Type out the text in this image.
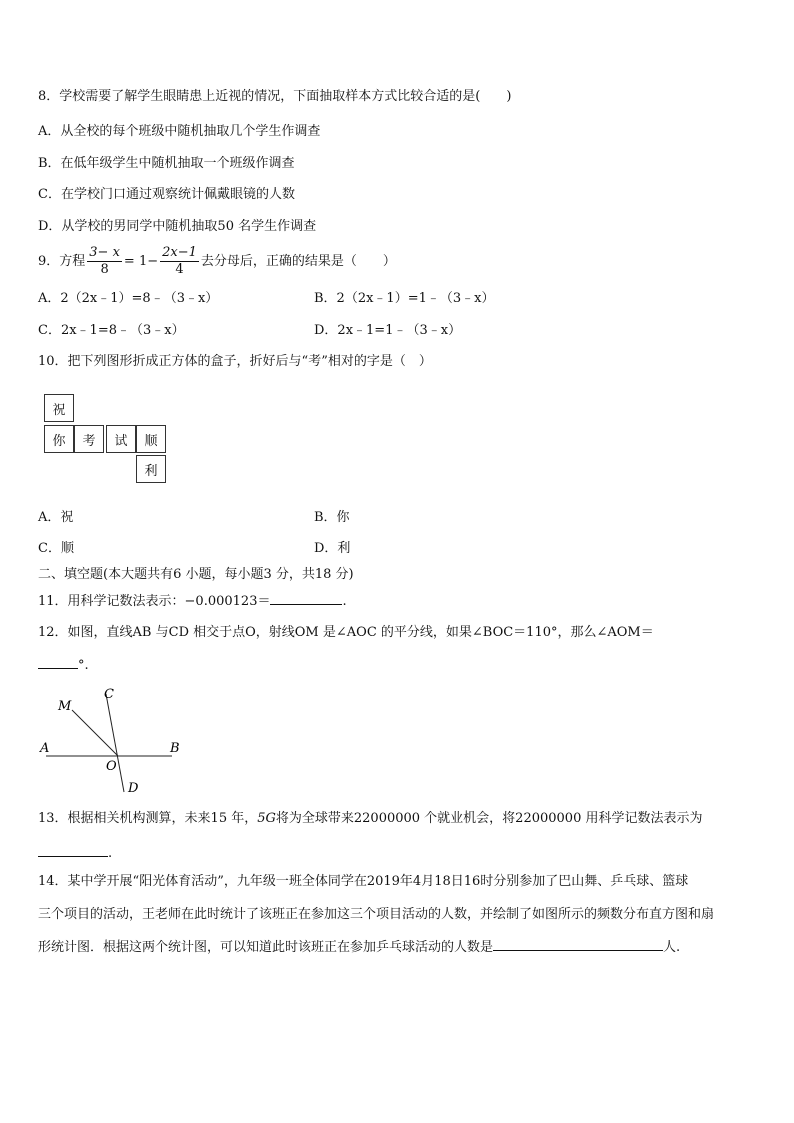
8．学校需要了解学生眼睛患上近视的情况，下面抽取样本方式比较合适的是(　　)
A．从全校的每个班级中随机抽取几个学生作调查
B．在低年级学生中随机抽取一个班级作调查
C．在学校门口通过观察统计佩戴眼镜的人数
D．从学校的男同学中随机抽取50 名学生作调查
9．方程 $\frac{3- x}{8} = 1- \frac{2x-1}{4}$ 去分母后，正确的结果是（　　）
A．2（2x﹣1）=8﹣（3﹣x）	B．2（2x﹣1）=1﹣（3﹣x）
C．2x﹣1=8﹣（3﹣x）	D．2x﹣1=1﹣（3﹣x）
10．把下列图形折成正方体的盒子，折好后与“考”相对的字是（　）
祝
你	考	试	顺
利
A．祝	B．你
C．顺	D．利
二、填空题(本大题共有6 小题，每小题3 分，共18 分)
11．用科学记数法表示：−0.000123＝	.
12．如图，直线AB 与CD 相交于点O，射线OM 是∠AOC 的平分线，如果∠BOC＝110°，那么∠AOM＝
°.
M
C
A
O
B
D
13．根据相关机构测算，未来15 年，5G将为全球带来22000000 个就业机会，将22000000 用科学记数法表示为
.
14．某中学开展“阳光体育活动”，九年级一班全体同学在2019年4月18日16时分别参加了巴山舞、乒乓球、篮球
三个项目的活动，王老师在此时统计了该班正在参加这三个项目活动的人数，并绘制了如图所示的频数分布直方图和扇
形统计图．根据这两个统计图，可以知道此时该班正在参加乒乓球活动的人数是	人.
